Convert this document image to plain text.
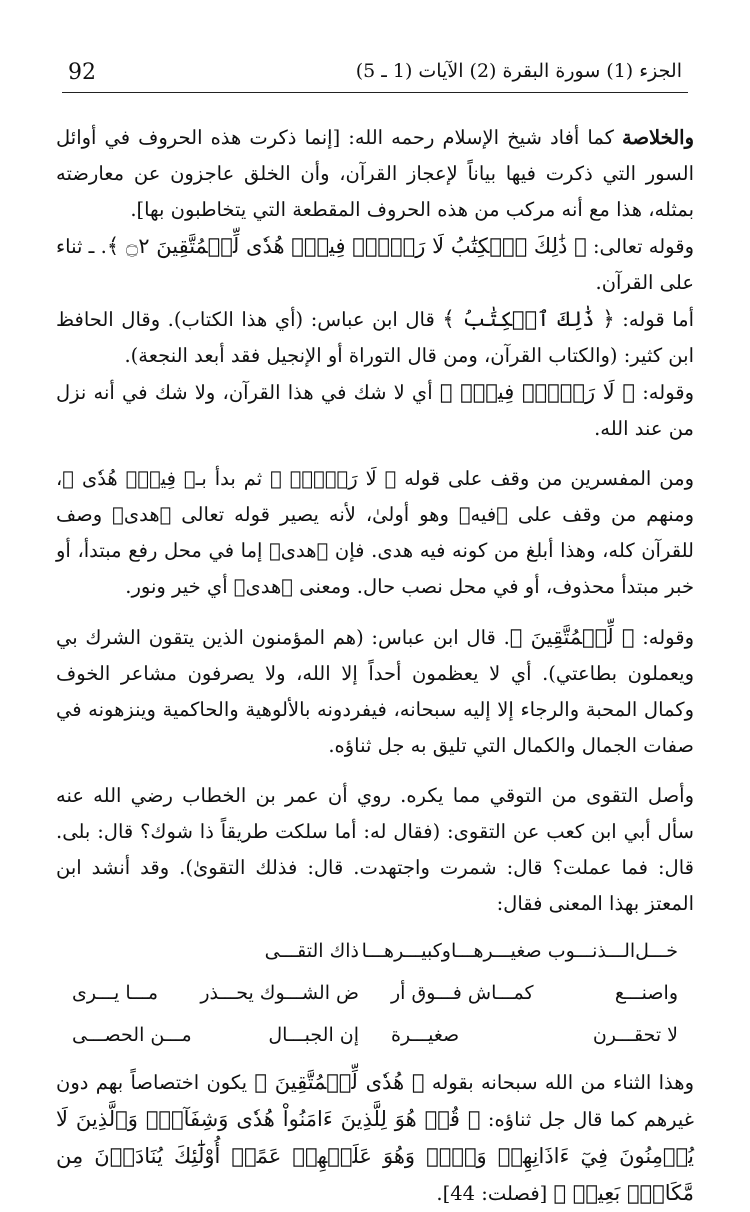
92	الجزء (1) سورة البقرة (2) الآيات (1 ـ 5)

والخلاصة كما أفاد شيخ الإسلام رحمه الله: [إنما ذكرت هذه الحروف في أوائل السور التي ذكرت فيها بياناً لإعجاز القرآن، وأن الخلق عاجزون عن معارضته بمثله، هذا مع أنه مركب من هذه الحروف المقطعة التي يتخاطبون بها].

وقوله تعالى: ﴿ ذَٰلِكَ ٱلۡكِتَٰبُ لَا رَيۡبَۛ فِيهِۛ هُدٗى لِّلۡمُتَّقِينَ ۝٢ ﴾. ـ ثناء على القرآن.

أما قوله: ﴿ ذَٰلِكَ ٱلۡكِتَٰبُ ﴾ قال ابن عباس: (أي هذا الكتاب). وقال الحافظ ابن كثير: (والكتاب القرآن، ومن قال التوراة أو الإنجيل فقد أبعد النجعة).

وقوله: ﴿ لَا رَيۡبَۛ فِيهِۛ ﴾ أي لا شك في هذا القرآن، ولا شك في أنه نزل من عند الله.

ومن المفسرين من وقف على قوله ﴿ لَا رَيۡبَۛ ﴾ ثم بدأ بـ﴿ فِيهِۛ هُدٗى ﴾، ومنهم من وقف على ﴿فيه﴾ وهو أولىٰ، لأنه يصير قوله تعالى ﴿هدى﴾ وصف للقرآن كله، وهذا أبلغ من كونه فيه هدى. فإن ﴿هدى﴾ إما في محل رفع مبتدأ، أو خبر مبتدأ محذوف، أو في محل نصب حال. ومعنى ﴿هدى﴾ أي خير ونور.

وقوله: ﴿ لِّلۡمُتَّقِينَ ﴾. قال ابن عباس: (هم المؤمنون الذين يتقون الشرك بي ويعملون بطاعتي). أي لا يعظمون أحداً إلا الله، ولا يصرفون مشاعر الخوف وكمال المحبة والرجاء إلا إليه سبحانه، فيفردونه بالألوهية والحاكمية وينزهونه في صفات الجمال والكمال التي تليق به جل ثناؤه.

وأصل التقوى من التوقي مما يكره. روي أن عمر بن الخطاب رضي الله عنه سأل أبي ابن كعب عن التقوى: (فقال له: أما سلكت طريقاً ذا شوك؟ قال: بلى. قال: فما عملت؟ قال: شمرت واجتهدت. قال: فذلك التقوىٰ). وقد أنشد ابن المعتز بهذا المعنى فقال:

خـــل
الـــذنـــوب صغيـــرهـــا
وكبيـــرهـــا
ذاك التقـــى
واصنـــع
كمـــاش فـــوق أر
ض الشـــوك يحـــذر
مـــا يـــرى
لا تحقـــرن
صغيـــرة
إن الجبـــال
مـــن الحصـــى

وهذا الثناء من الله سبحانه بقوله ﴿ هُدٗى لِّلۡمُتَّقِينَ ﴾ يكون اختصاصاً بهم دون غيرهم كما قال جل ثناؤه: ﴿ قُلۡ هُوَ لِلَّذِينَ ءَامَنُواْ هُدٗى وَشِفَآءٞۚ وَٱلَّذِينَ لَا يُؤۡمِنُونَ فِيٓ ءَاذَانِهِمۡ وَقۡرٞ وَهُوَ عَلَيۡهِمۡ عَمًىۚ أُوْلَٰٓئِكَ يُنَادَوۡنَ مِن مَّكَانِۭ بَعِيدٖ ﴾ [فصلت: 44].
